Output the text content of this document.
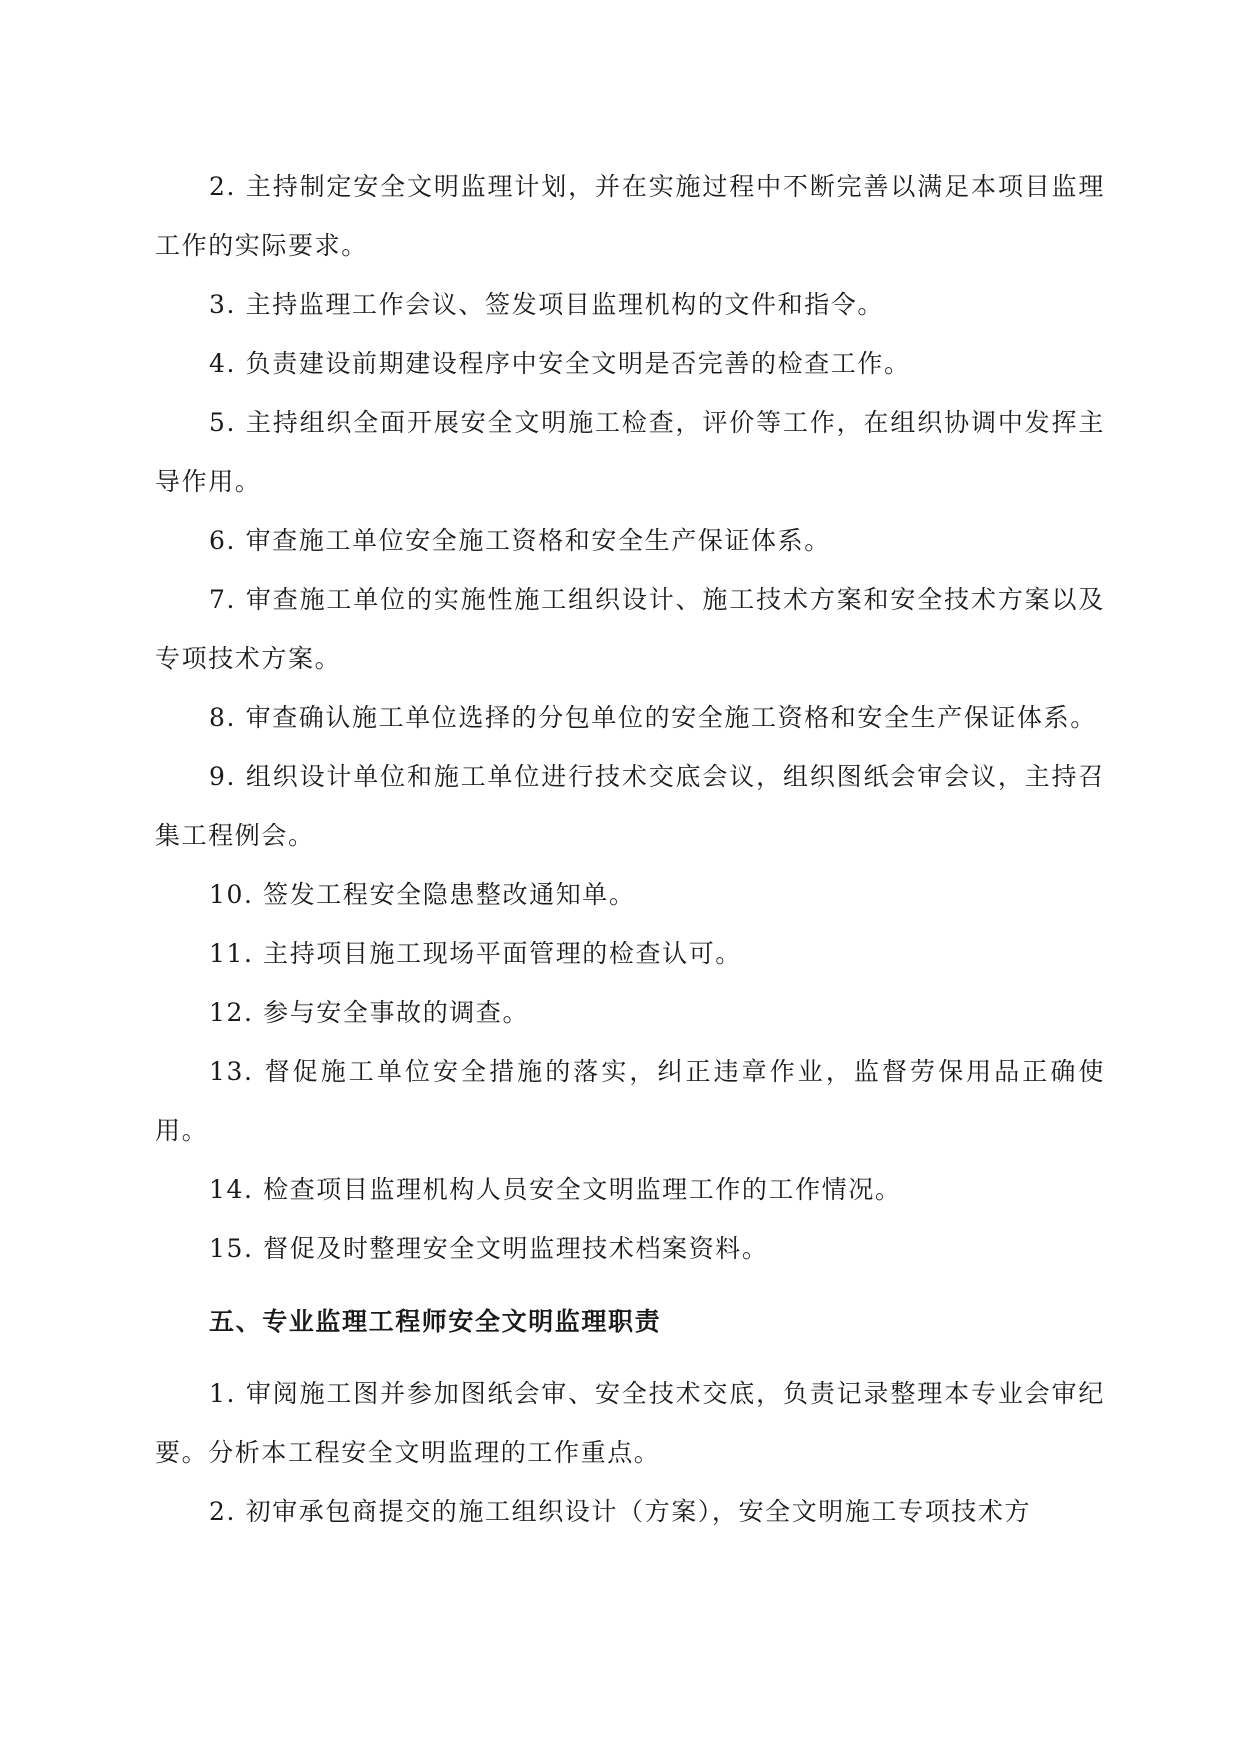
2. 主持制定安全文明监理计划，并在实施过程中不断完善以满足本项目监理工作的实际要求。

3. 主持监理工作会议、签发项目监理机构的文件和指令。

4. 负责建设前期建设程序中安全文明是否完善的检查工作。

5. 主持组织全面开展安全文明施工检查，评价等工作，在组织协调中发挥主导作用。

6. 审查施工单位安全施工资格和安全生产保证体系。

7. 审查施工单位的实施性施工组织设计、施工技术方案和安全技术方案以及专项技术方案。

8. 审查确认施工单位选择的分包单位的安全施工资格和安全生产保证体系。

9. 组织设计单位和施工单位进行技术交底会议，组织图纸会审会议，主持召集工程例会。

10. 签发工程安全隐患整改通知单。

11. 主持项目施工现场平面管理的检查认可。

12. 参与安全事故的调查。

13. 督促施工单位安全措施的落实，纠正违章作业，监督劳保用品正确使用。

14. 检查项目监理机构人员安全文明监理工作的工作情况。

15. 督促及时整理安全文明监理技术档案资料。

五、专业监理工程师安全文明监理职责

1. 审阅施工图并参加图纸会审、安全技术交底，负责记录整理本专业会审纪要。分析本工程安全文明监理的工作重点。

2. 初审承包商提交的施工组织设计（方案），安全文明施工专项技术方
